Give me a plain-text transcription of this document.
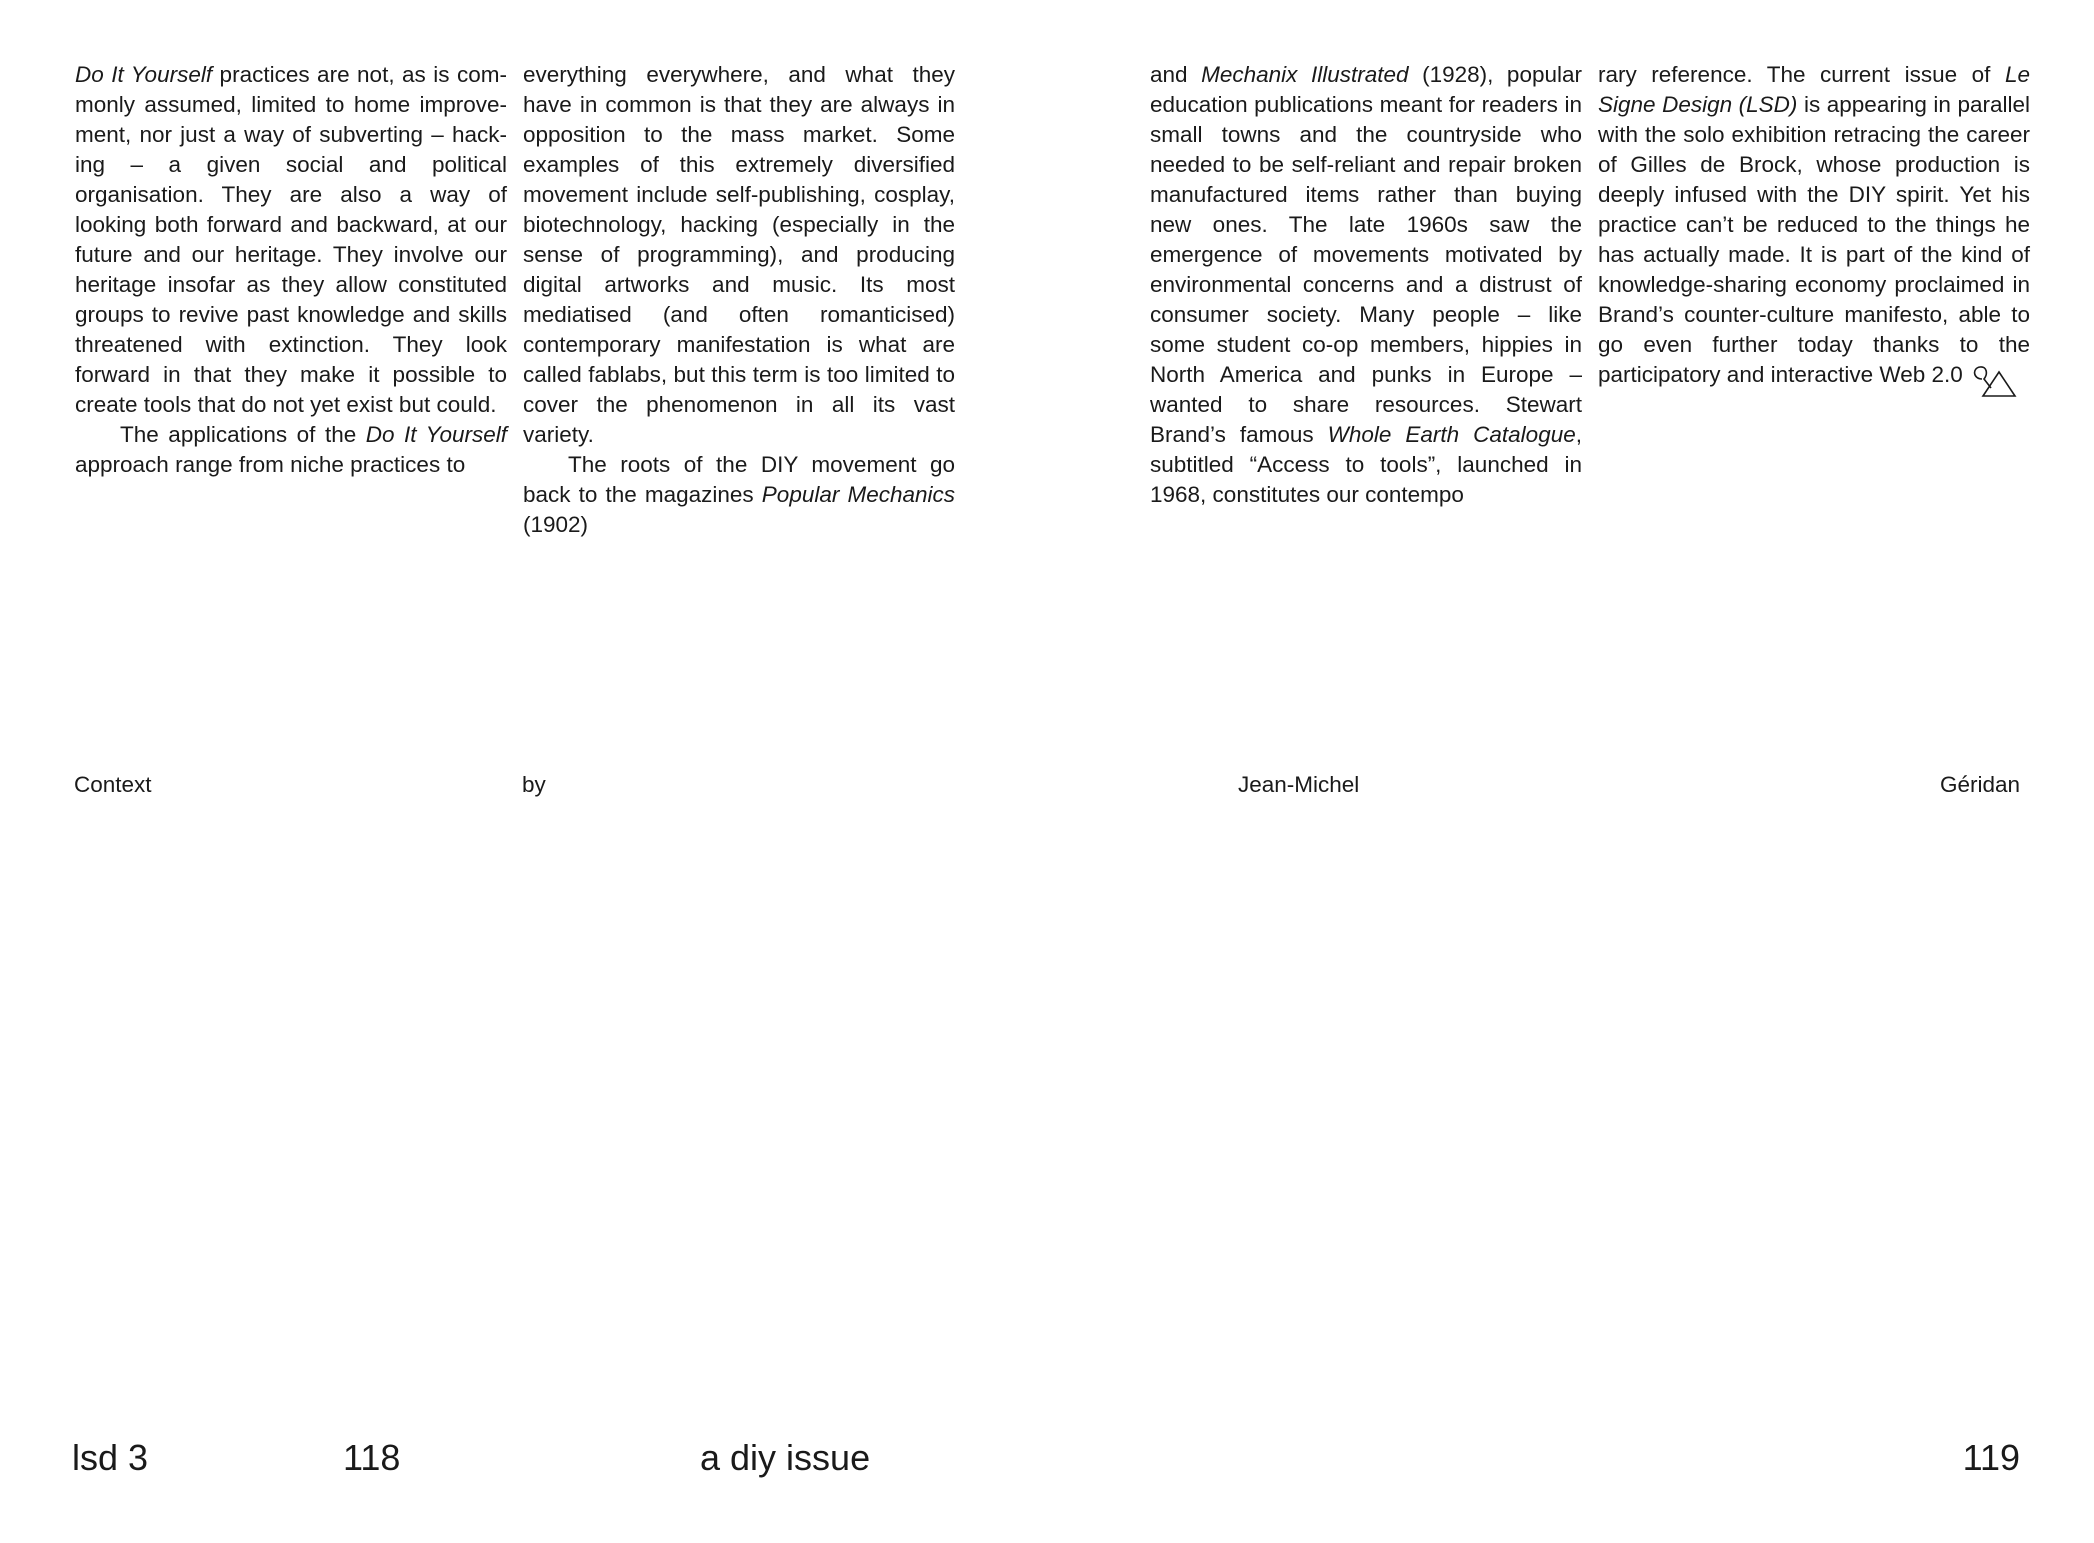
Do It Yourself practices are not, as is commonly assumed, limited to home improvement, nor just a way of subverting – hacking – a given social and political organisation. They are also a way of looking both forward and backward, at our future and our heritage. They involve our heritage insofar as they allow constituted groups to revive past knowledge and skills threatened with extinction. They look forward in that they make it possible to create tools that do not yet exist but could.

The applications of the Do It Yourself approach range from niche practices to

everything everywhere, and what they have in common is that they are always in opposition to the mass market. Some examples of this extremely diversified movement include self-publishing, cosplay, biotechnology, hacking (especially in the sense of programming), and producing digital artworks and music. Its most mediatised (and often romanticised) contemporary manifestation is what are called fablabs, but this term is too limited to cover the phenomenon in all its vast variety.

The roots of the DIY movement go back to the magazines Popular Mechanics (1902)

and Mechanix Illustrated (1928), popular education publications meant for readers in small towns and the countryside who needed to be self-reliant and repair broken manufactured items rather than buying new ones. The late 1960s saw the emergence of movements motivated by environmental concerns and a distrust of consumer society. Many people – like some student co-op members, hippies in North America and punks in Europe – wanted to share resources. Stewart Brand’s famous Whole Earth Catalogue, subtitled “Access to tools”, launched in 1968, constitutes our contempo

rary reference. The current issue of Le Signe Design (LSD) is appearing in parallel with the solo exhibition retracing the career of Gilles de Brock, whose production is deeply infused with the DIY spirit. Yet his practice can’t be reduced to the things he has actually made. It is part of the kind of knowledge-sharing economy proclaimed in Brand’s counter-culture manifesto, able to go even further today thanks to the participatory and interactive Web 2.0

Context	by	Jean-Michel	Géridan
lsd 3	118	a diy issue	119
